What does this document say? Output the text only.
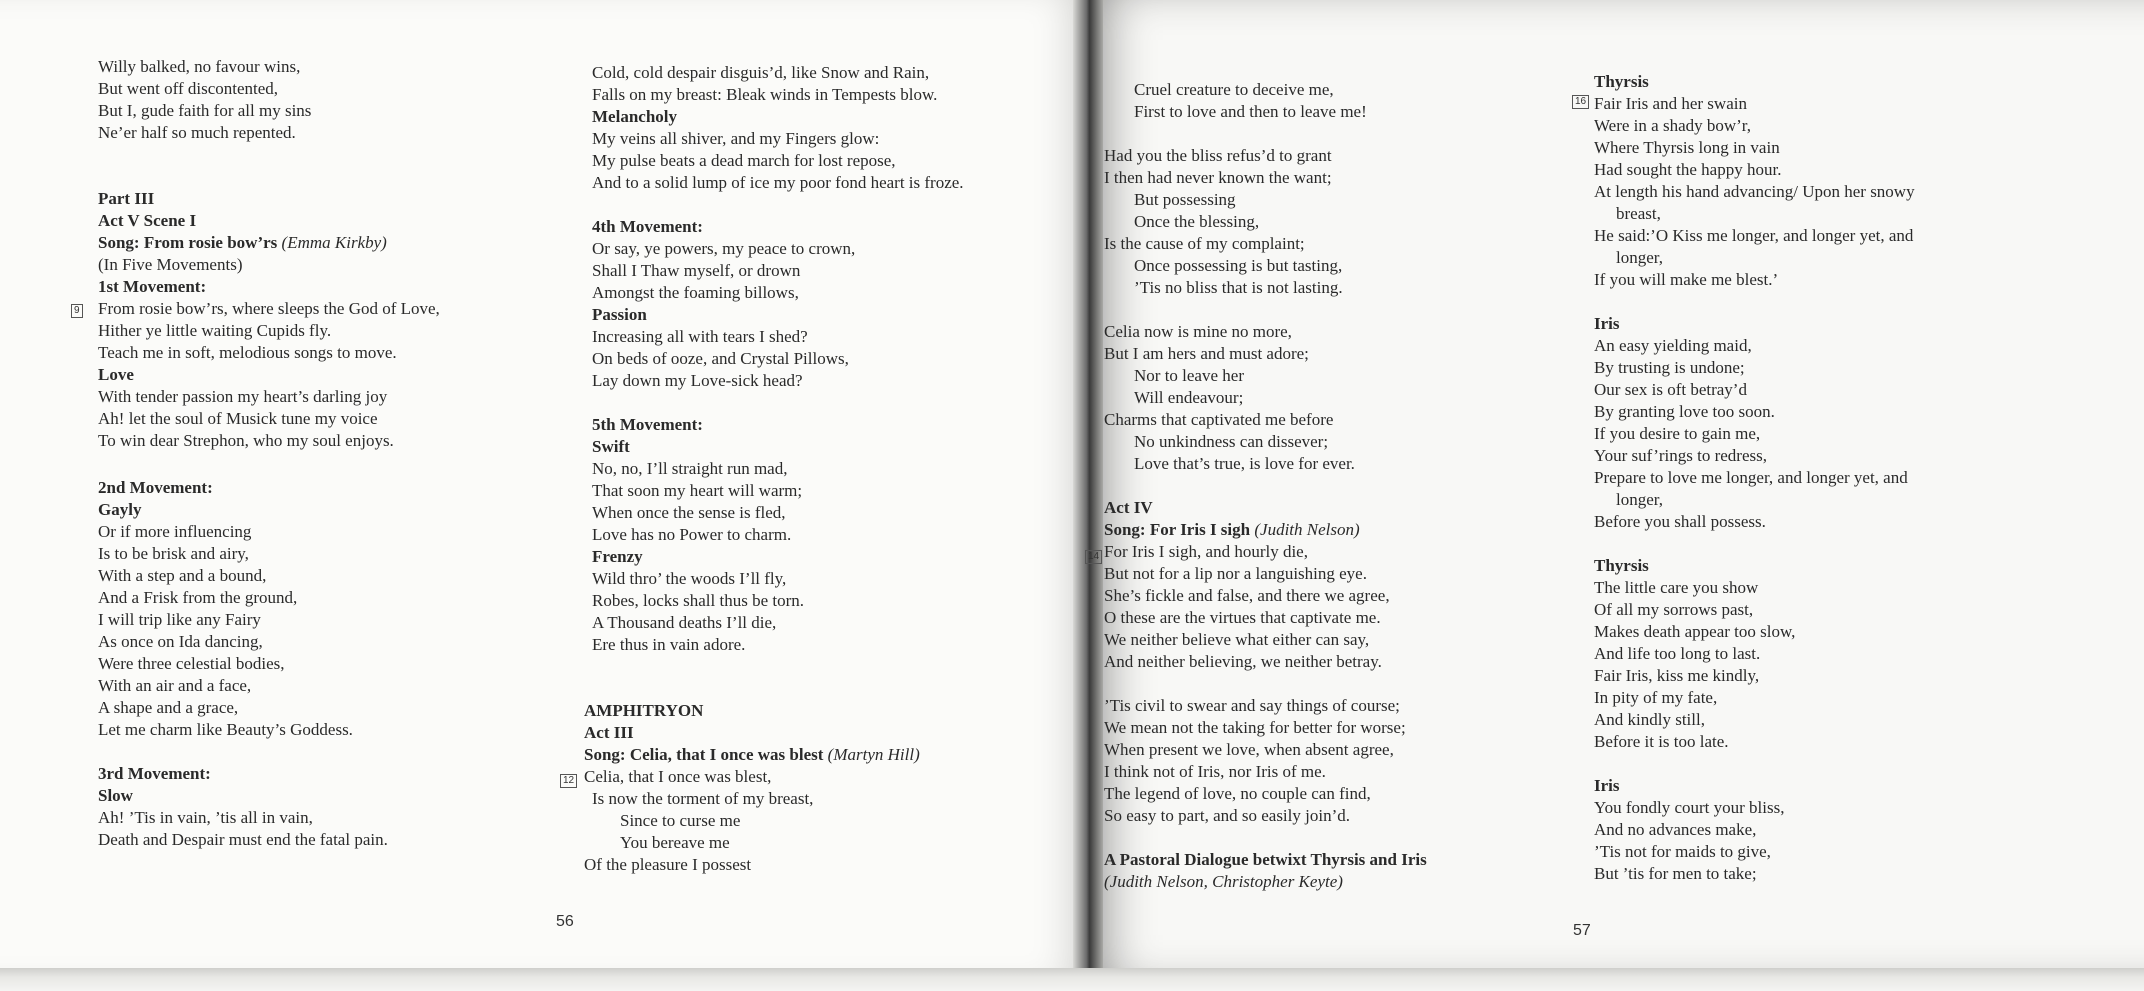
Willy balked, no favour wins,
But went off discontented,
But I, gude faith for all my sins
Ne’er half so much repented.
Part III
Act V Scene I
Song: From rosie bow’rs (Emma Kirkby)
(In Five Movements)
1st Movement:
From rosie bow’rs, where sleeps the God of Love,
Hither ye little waiting Cupids fly.
Teach me in soft, melodious songs to move.
Love
With tender passion my heart’s darling joy
Ah! let the soul of Musick tune my voice
To win dear Strephon, who my soul enjoys.
2nd Movement:
Gayly
Or if more influencing
Is to be brisk and airy,
With a step and a bound,
And a Frisk from the ground,
I will trip like any Fairy
As once on Ida dancing,
Were three celestial bodies,
With an air and a face,
A shape and a grace,
Let me charm like Beauty’s Goddess.
3rd Movement:
Slow
Ah! ’Tis in vain, ’tis all in vain,
Death and Despair must end the fatal pain.
9
Cold, cold despair disguis’d, like Snow and Rain,
Falls on my breast: Bleak winds in Tempests blow.
Melancholy
My veins all shiver, and my Fingers glow:
My pulse beats a dead march for lost repose,
And to a solid lump of ice my poor fond heart is froze.
4th Movement:
Or say, ye powers, my peace to crown,
Shall I Thaw myself, or drown
Amongst the foaming billows,
Passion
Increasing all with tears I shed?
On beds of ooze, and Crystal Pillows,
Lay down my Love-sick head?
5th Movement:
Swift
No, no, I’ll straight run mad,
That soon my heart will warm;
When once the sense is fled,
Love has no Power to charm.
Frenzy
Wild thro’ the woods I’ll fly,
Robes, locks shall thus be torn.
A Thousand deaths I’ll die,
Ere thus in vain adore.
AMPHITRYON
Act III
Song: Celia, that I once was blest (Martyn Hill)
Celia, that I once was blest,
Is now the torment of my breast,
Since to curse me
You bereave me
Of the pleasure I possest
12
56
Cruel creature to deceive me,
First to love and then to leave me!
Had you the bliss refus’d to grant
I then had never known the want;
But possessing
Once the blessing,
Is the cause of my complaint;
Once possessing is but tasting,
’Tis no bliss that is not lasting.
Celia now is mine no more,
But I am hers and must adore;
Nor to leave her
Will endeavour;
Charms that captivated me before
No unkindness can dissever;
Love that’s true, is love for ever.
Act IV
Song: For Iris I sigh (Judith Nelson)
For Iris I sigh, and hourly die,
But not for a lip nor a languishing eye.
She’s fickle and false, and there we agree,
O these are the virtues that captivate me.
We neither believe what either can say,
And neither believing, we neither betray.
’Tis civil to swear and say things of course;
We mean not the taking for better for worse;
When present we love, when absent agree,
I think not of Iris, nor Iris of me.
The legend of love, no couple can find,
So easy to part, and so easily join’d.
A Pastoral Dialogue betwixt Thyrsis and Iris
(Judith Nelson, Christopher Keyte)
14
Thyrsis
Fair Iris and her swain
Were in a shady bow’r,
Where Thyrsis long in vain
Had sought the happy hour.
At length his hand advancing/ Upon her snowy
breast,
He said:’O Kiss me longer, and longer yet, and
longer,
If you will make me blest.’
Iris
An easy yielding maid,
By trusting is undone;
Our sex is oft betray’d
By granting love too soon.
If you desire to gain me,
Your suf’rings to redress,
Prepare to love me longer, and longer yet, and
longer,
Before you shall possess.
Thyrsis
The little care you show
Of all my sorrows past,
Makes death appear too slow,
And life too long to last.
Fair Iris, kiss me kindly,
In pity of my fate,
And kindly still,
Before it is too late.
Iris
You fondly court your bliss,
And no advances make,
’Tis not for maids to give,
But ’tis for men to take;
16
57
